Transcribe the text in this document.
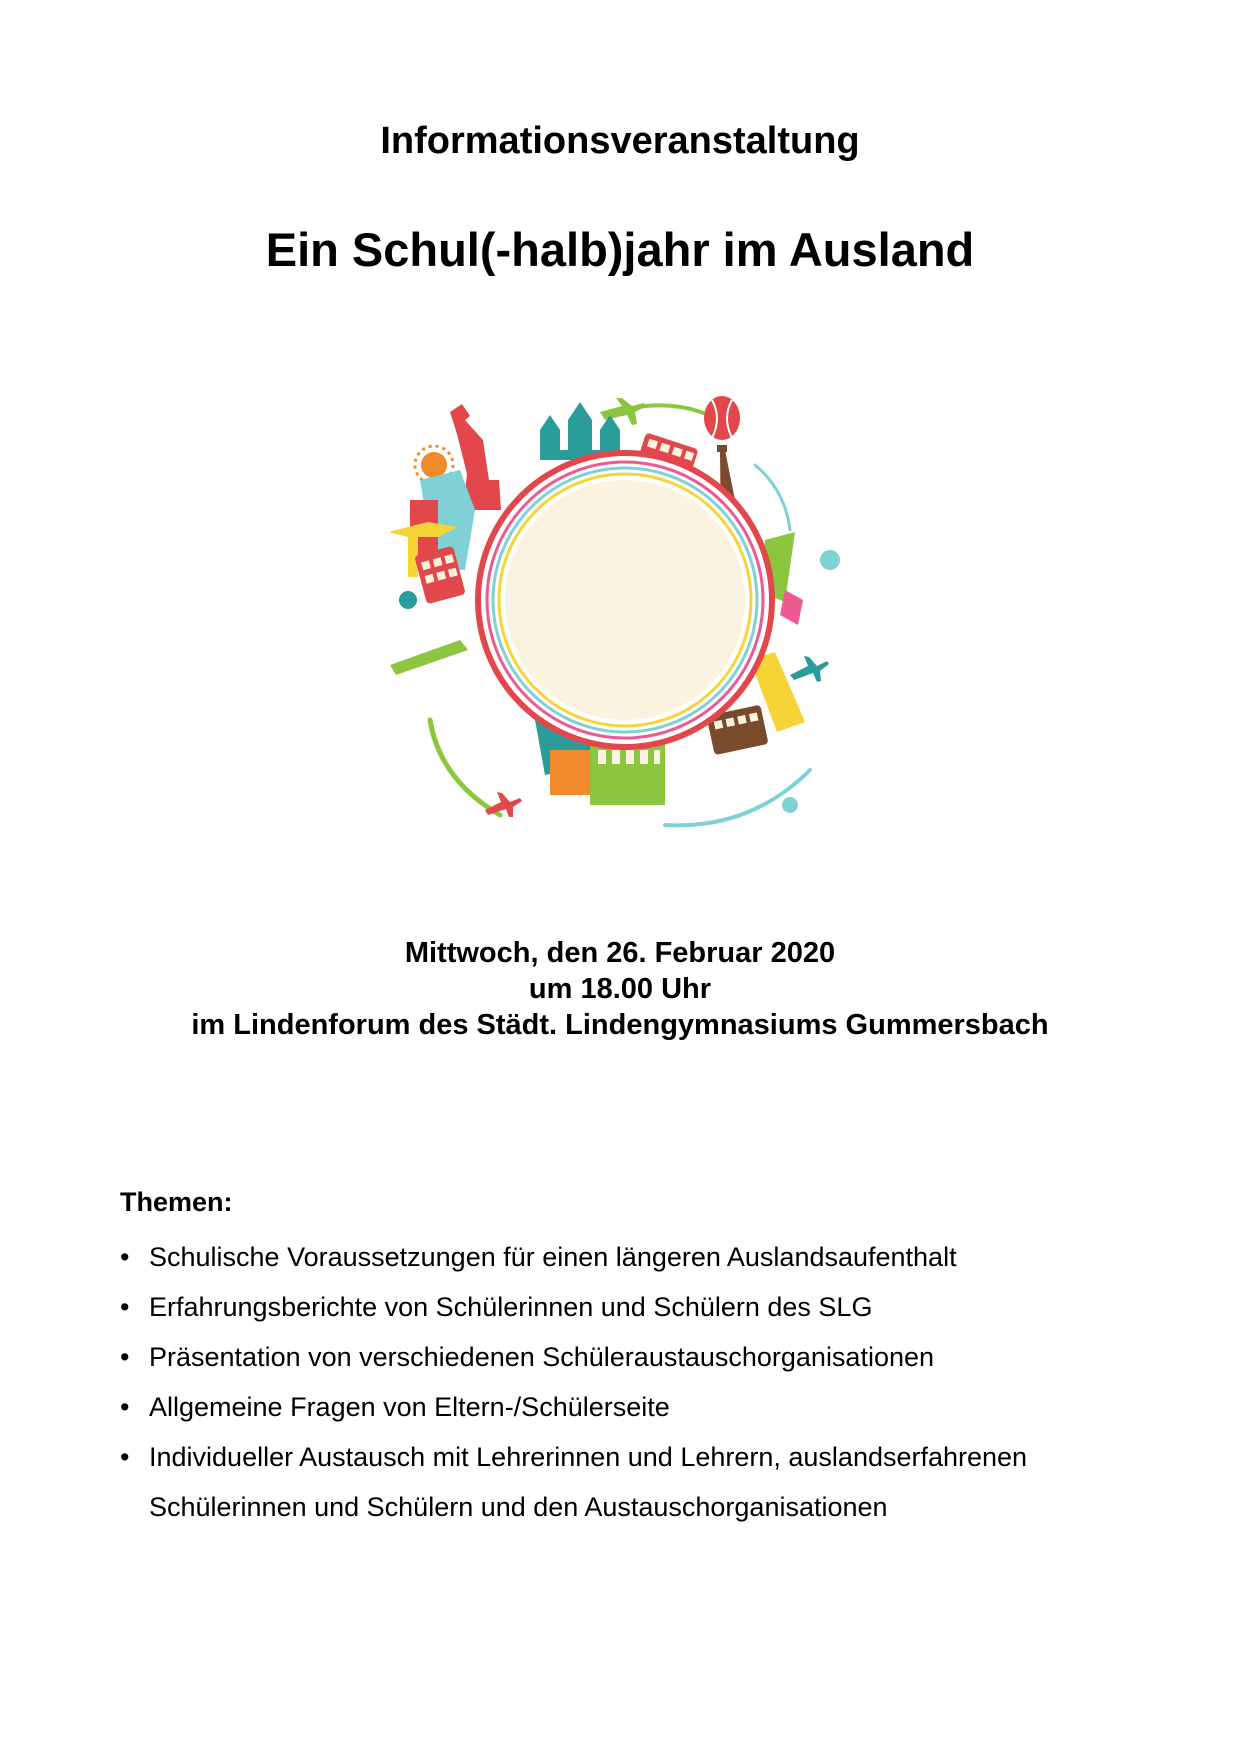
Informationsveranstaltung
Ein Schul(-halb)jahr im Ausland
Mittwoch, den 26. Februar 2020
um 18.00 Uhr
im Lindenforum des Städt. Lindengymnasiums Gummersbach
Themen:
• Schulische Voraussetzungen für einen längeren Auslandsaufenthalt
• Erfahrungsberichte von Schülerinnen und Schülern des SLG
• Präsentation von verschiedenen Schüleraustauschorganisationen
• Allgemeine Fragen von Eltern-/Schülerseite
• Individueller Austausch mit Lehrerinnen und Lehrern, auslandserfahrenen
Schülerinnen und Schülern und den Austauschorganisationen
